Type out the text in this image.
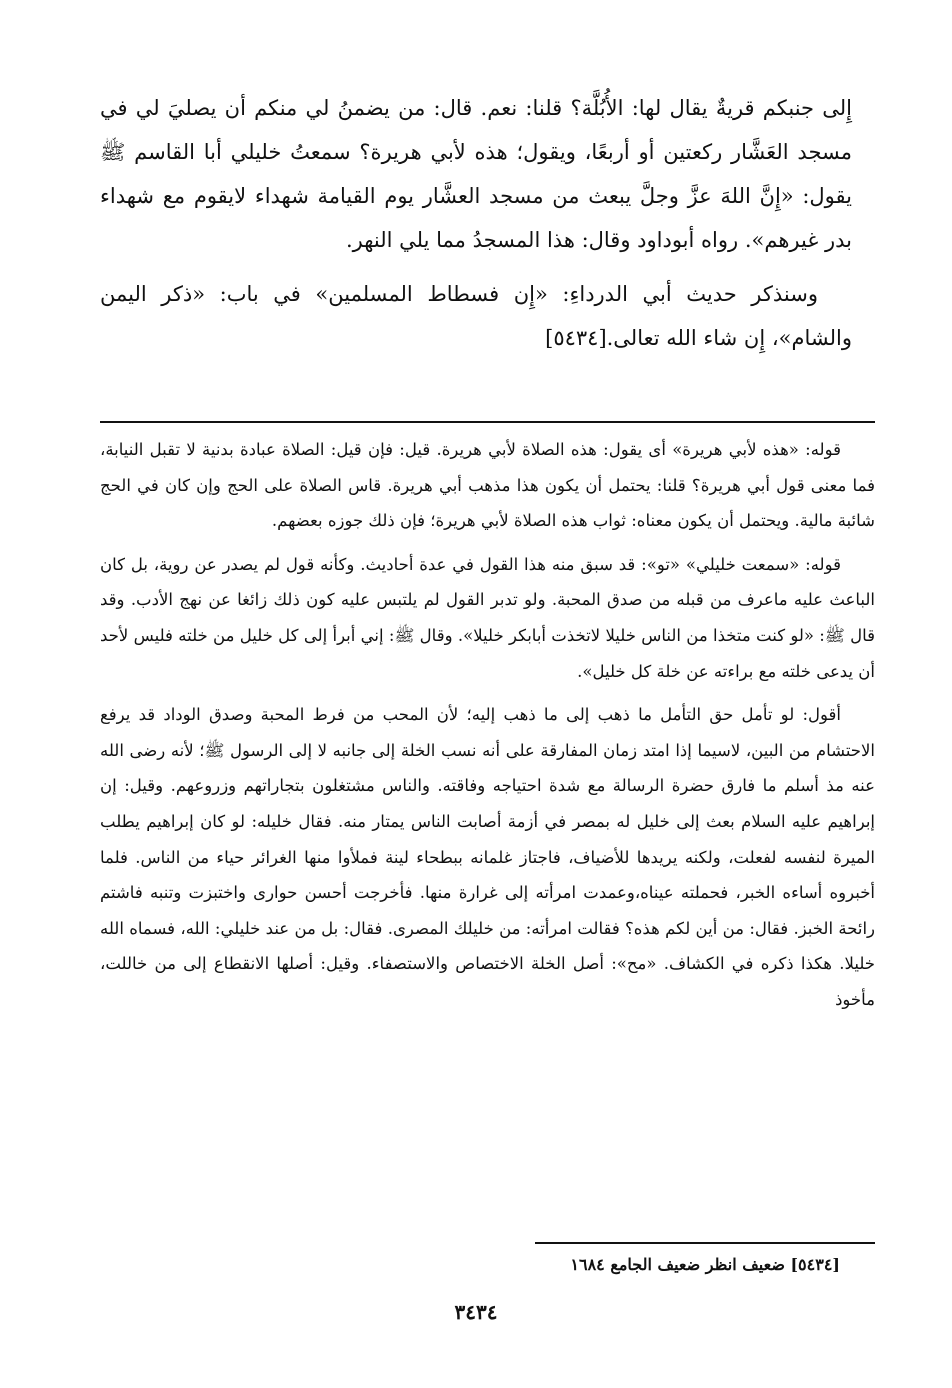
إِلى جنبكم قريةٌ يقال لها: الأُبُلَّة؟ قلنا: نعم. قال: من يضمنُ لي منكم أن يصليَ لي في مسجد العَشَّار ركعتين أو أربعًا، ويقول؛ هذه لأبي هريرة؟ سمعتُ خليلي أبا القاسم ﷺ يقول: «إِنَّ اللهَ عزَّ وجلَّ يبعث من مسجد العشَّار يوم القيامة شهداء لايقوم مع شهداء بدر غيرهم». رواه أبوداود وقال: هذا المسجدُ مما يلي النهر.

وسنذكر حديث أبي الدرداءِ: «إِن فسطاط المسلمين» في باب: «ذكر اليمن والشام»، إِن شاء الله تعالى.[٥٤٣٤]

قوله: «هذه لأبي هريرة» أى يقول: هذه الصلاة لأبي هريرة. قيل: فإن قيل: الصلاة عبادة بدنية لا تقبل النيابة، فما معنى قول أبي هريرة؟ قلنا: يحتمل أن يكون هذا مذهب أبي هريرة. قاس الصلاة على الحج وإن كان في الحج شائبة مالية. ويحتمل أن يكون معناه: ثواب هذه الصلاة لأبي هريرة؛ فإن ذلك جوزه بعضهم.

قوله: «سمعت خليلي» «تو»: قد سبق منه هذا القول في عدة أحاديث. وكأنه قول لم يصدر عن روية، بل كان الباعث عليه ماعرف من قبله من صدق المحبة. ولو تدبر القول لم يلتبس عليه كون ذلك زائغا عن نهج الأدب. وقد قال ﷺ: «لو كنت متخذا من الناس خليلا لاتخذت أبابكر خليلا». وقال ﷺ: إني أبرأ إلى كل خليل من خلته فليس لأحد أن يدعى خلته مع براءته عن خلة كل خليل».

أقول: لو تأمل حق التأمل ما ذهب إلى ما ذهب إليه؛ لأن المحب من فرط المحبة وصدق الوداد قد يرفع الاحتشام من البين، لاسيما إذا امتد زمان المفارقة على أنه نسب الخلة إلى جانبه لا إلى الرسول ﷺ؛ لأنه رضى الله عنه مذ أسلم ما فارق حضرة الرسالة مع شدة احتياجه وفاقته. والناس مشتغلون بتجاراتهم وزروعهم. وقيل: إن إبراهيم عليه السلام بعث إلى خليل له بمصر في أزمة أصابت الناس يمتار منه. فقال خليله: لو كان إبراهيم يطلب الميرة لنفسه لفعلت، ولكنه يريدها للأضياف، فاجتاز غلمانه ببطحاء لينة فملأوا منها الغرائر حياء من الناس. فلما أخبروه أساءه الخبر، فحملته عيناه،وعمدت امرأته إلى غرارة منها. فأخرجت أحسن حوارى واختبزت وتنبه فاشتم رائحة الخبز. فقال: من أين لكم هذه؟ فقالت امرأته: من خليلك المصرى. فقال: بل من عند خليلي: الله، فسماه الله خليلا. هكذا ذكره في الكشاف. «مح»: أصل الخلة الاختصاص والاستصفاء. وقيل: أصلها الانقطاع إلى من خاللت، مأخوذ

[٥٤٣٤] ضعيف انظر ضعيف الجامع ١٦٨٤
٣٤٣٤
